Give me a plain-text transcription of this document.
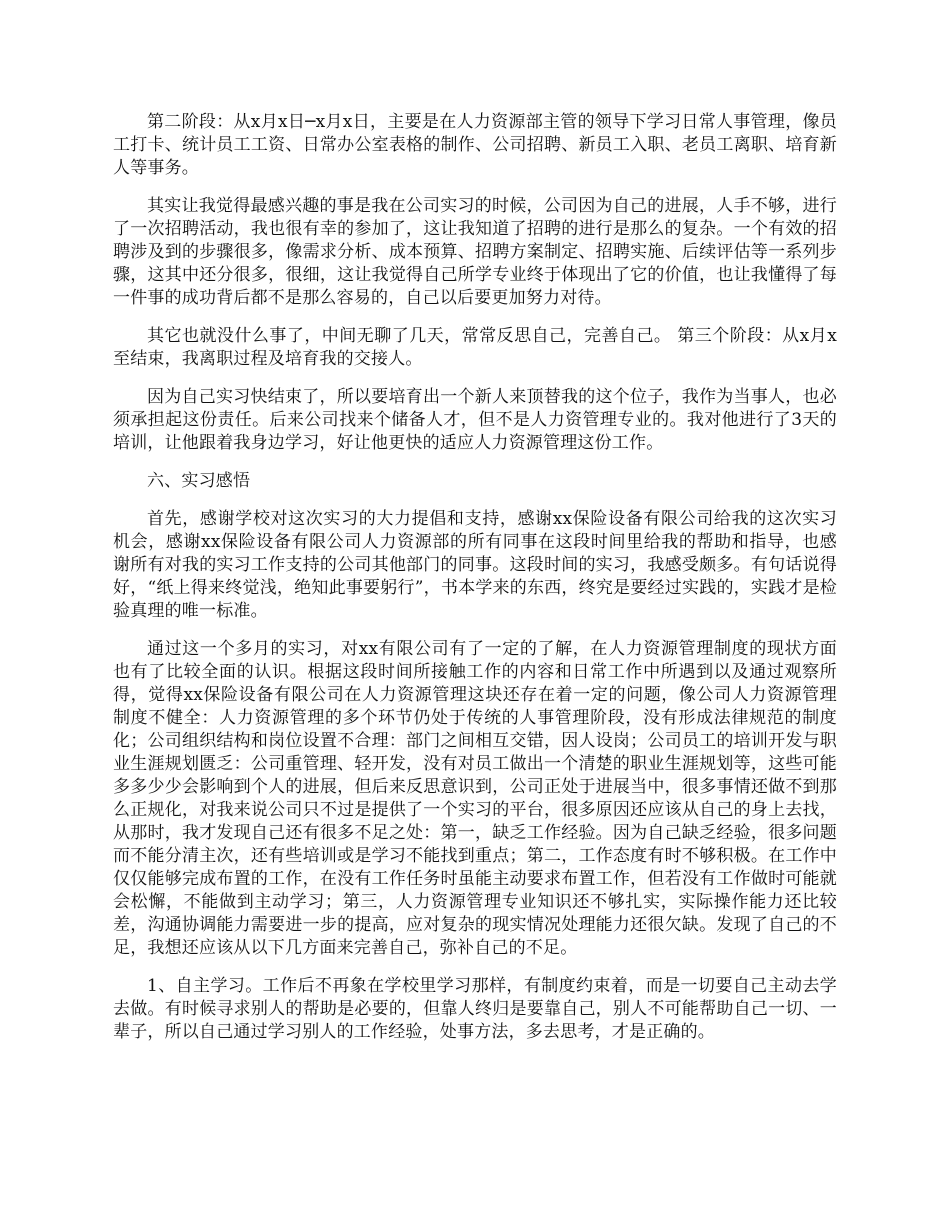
第二阶段：从x月x日─x月x日，主要是在人力资源部主管的领导下学习日常人事管理，像员工打卡、统计员工工资、日常办公室表格的制作、公司招聘、新员工入职、老员工离职、培育新人等事务。

其实让我觉得最感兴趣的事是我在公司实习的时候，公司因为自己的进展，人手不够，进行了一次招聘活动，我也很有幸的参加了，这让我知道了招聘的进行是那么的复杂。一个有效的招聘涉及到的步骤很多，像需求分析、成本预算、招聘方案制定、招聘实施、后续评估等一系列步骤，这其中还分很多，很细，这让我觉得自己所学专业终于体现出了它的价值，也让我懂得了每一件事的成功背后都不是那么容易的，自己以后要更加努力对待。

其它也就没什么事了，中间无聊了几天，常常反思自己，完善自己。 第三个阶段：从x月x至结束，我离职过程及培育我的交接人。

因为自己实习快结束了，所以要培育出一个新人来顶替我的这个位子，我作为当事人，也必须承担起这份责任。后来公司找来个储备人才，但不是人力资管理专业的。我对他进行了3天的培训，让他跟着我身边学习，好让他更快的适应人力资源管理这份工作。

六、实习感悟

首先，感谢学校对这次实习的大力提倡和支持，感谢xx保险设备有限公司给我的这次实习机会，感谢xx保险设备有限公司人力资源部的所有同事在这段时间里给我的帮助和指导，也感谢所有对我的实习工作支持的公司其他部门的同事。这段时间的实习，我感受颇多。有句话说得好，“纸上得来终觉浅，绝知此事要躬行”，书本学来的东西，终究是要经过实践的，实践才是检验真理的唯一标准。

通过这一个多月的实习，对xx有限公司有了一定的了解，在人力资源管理制度的现状方面也有了比较全面的认识。根据这段时间所接触工作的内容和日常工作中所遇到以及通过观察所得，觉得xx保险设备有限公司在人力资源管理这块还存在着一定的问题，像公司人力资源管理制度不健全：人力资源管理的多个环节仍处于传统的人事管理阶段，没有形成法律规范的制度化；公司组织结构和岗位设置不合理：部门之间相互交错，因人设岗；公司员工的培训开发与职业生涯规划匮乏：公司重管理、轻开发，没有对员工做出一个清楚的职业生涯规划等，这些可能多多少少会影响到个人的进展，但后来反思意识到，公司正处于进展当中，很多事情还做不到那么正规化，对我来说公司只不过是提供了一个实习的平台，很多原因还应该从自己的身上去找，从那时，我才发现自己还有很多不足之处：第一，缺乏工作经验。因为自己缺乏经验，很多问题而不能分清主次，还有些培训或是学习不能找到重点；第二，工作态度有时不够积极。在工作中仅仅能够完成布置的工作，在没有工作任务时虽能主动要求布置工作，但若没有工作做时可能就会松懈，不能做到主动学习；第三，人力资源管理专业知识还不够扎实，实际操作能力还比较差，沟通协调能力需要进一步的提高，应对复杂的现实情况处理能力还很欠缺。发现了自己的不足，我想还应该从以下几方面来完善自己，弥补自己的不足。

1、自主学习。工作后不再象在学校里学习那样，有制度约束着，而是一切要自己主动去学去做。有时候寻求别人的帮助是必要的，但靠人终归是要靠自己，别人不可能帮助自己一切、一辈子，所以自己通过学习别人的工作经验，处事方法，多去思考，才是正确的。
